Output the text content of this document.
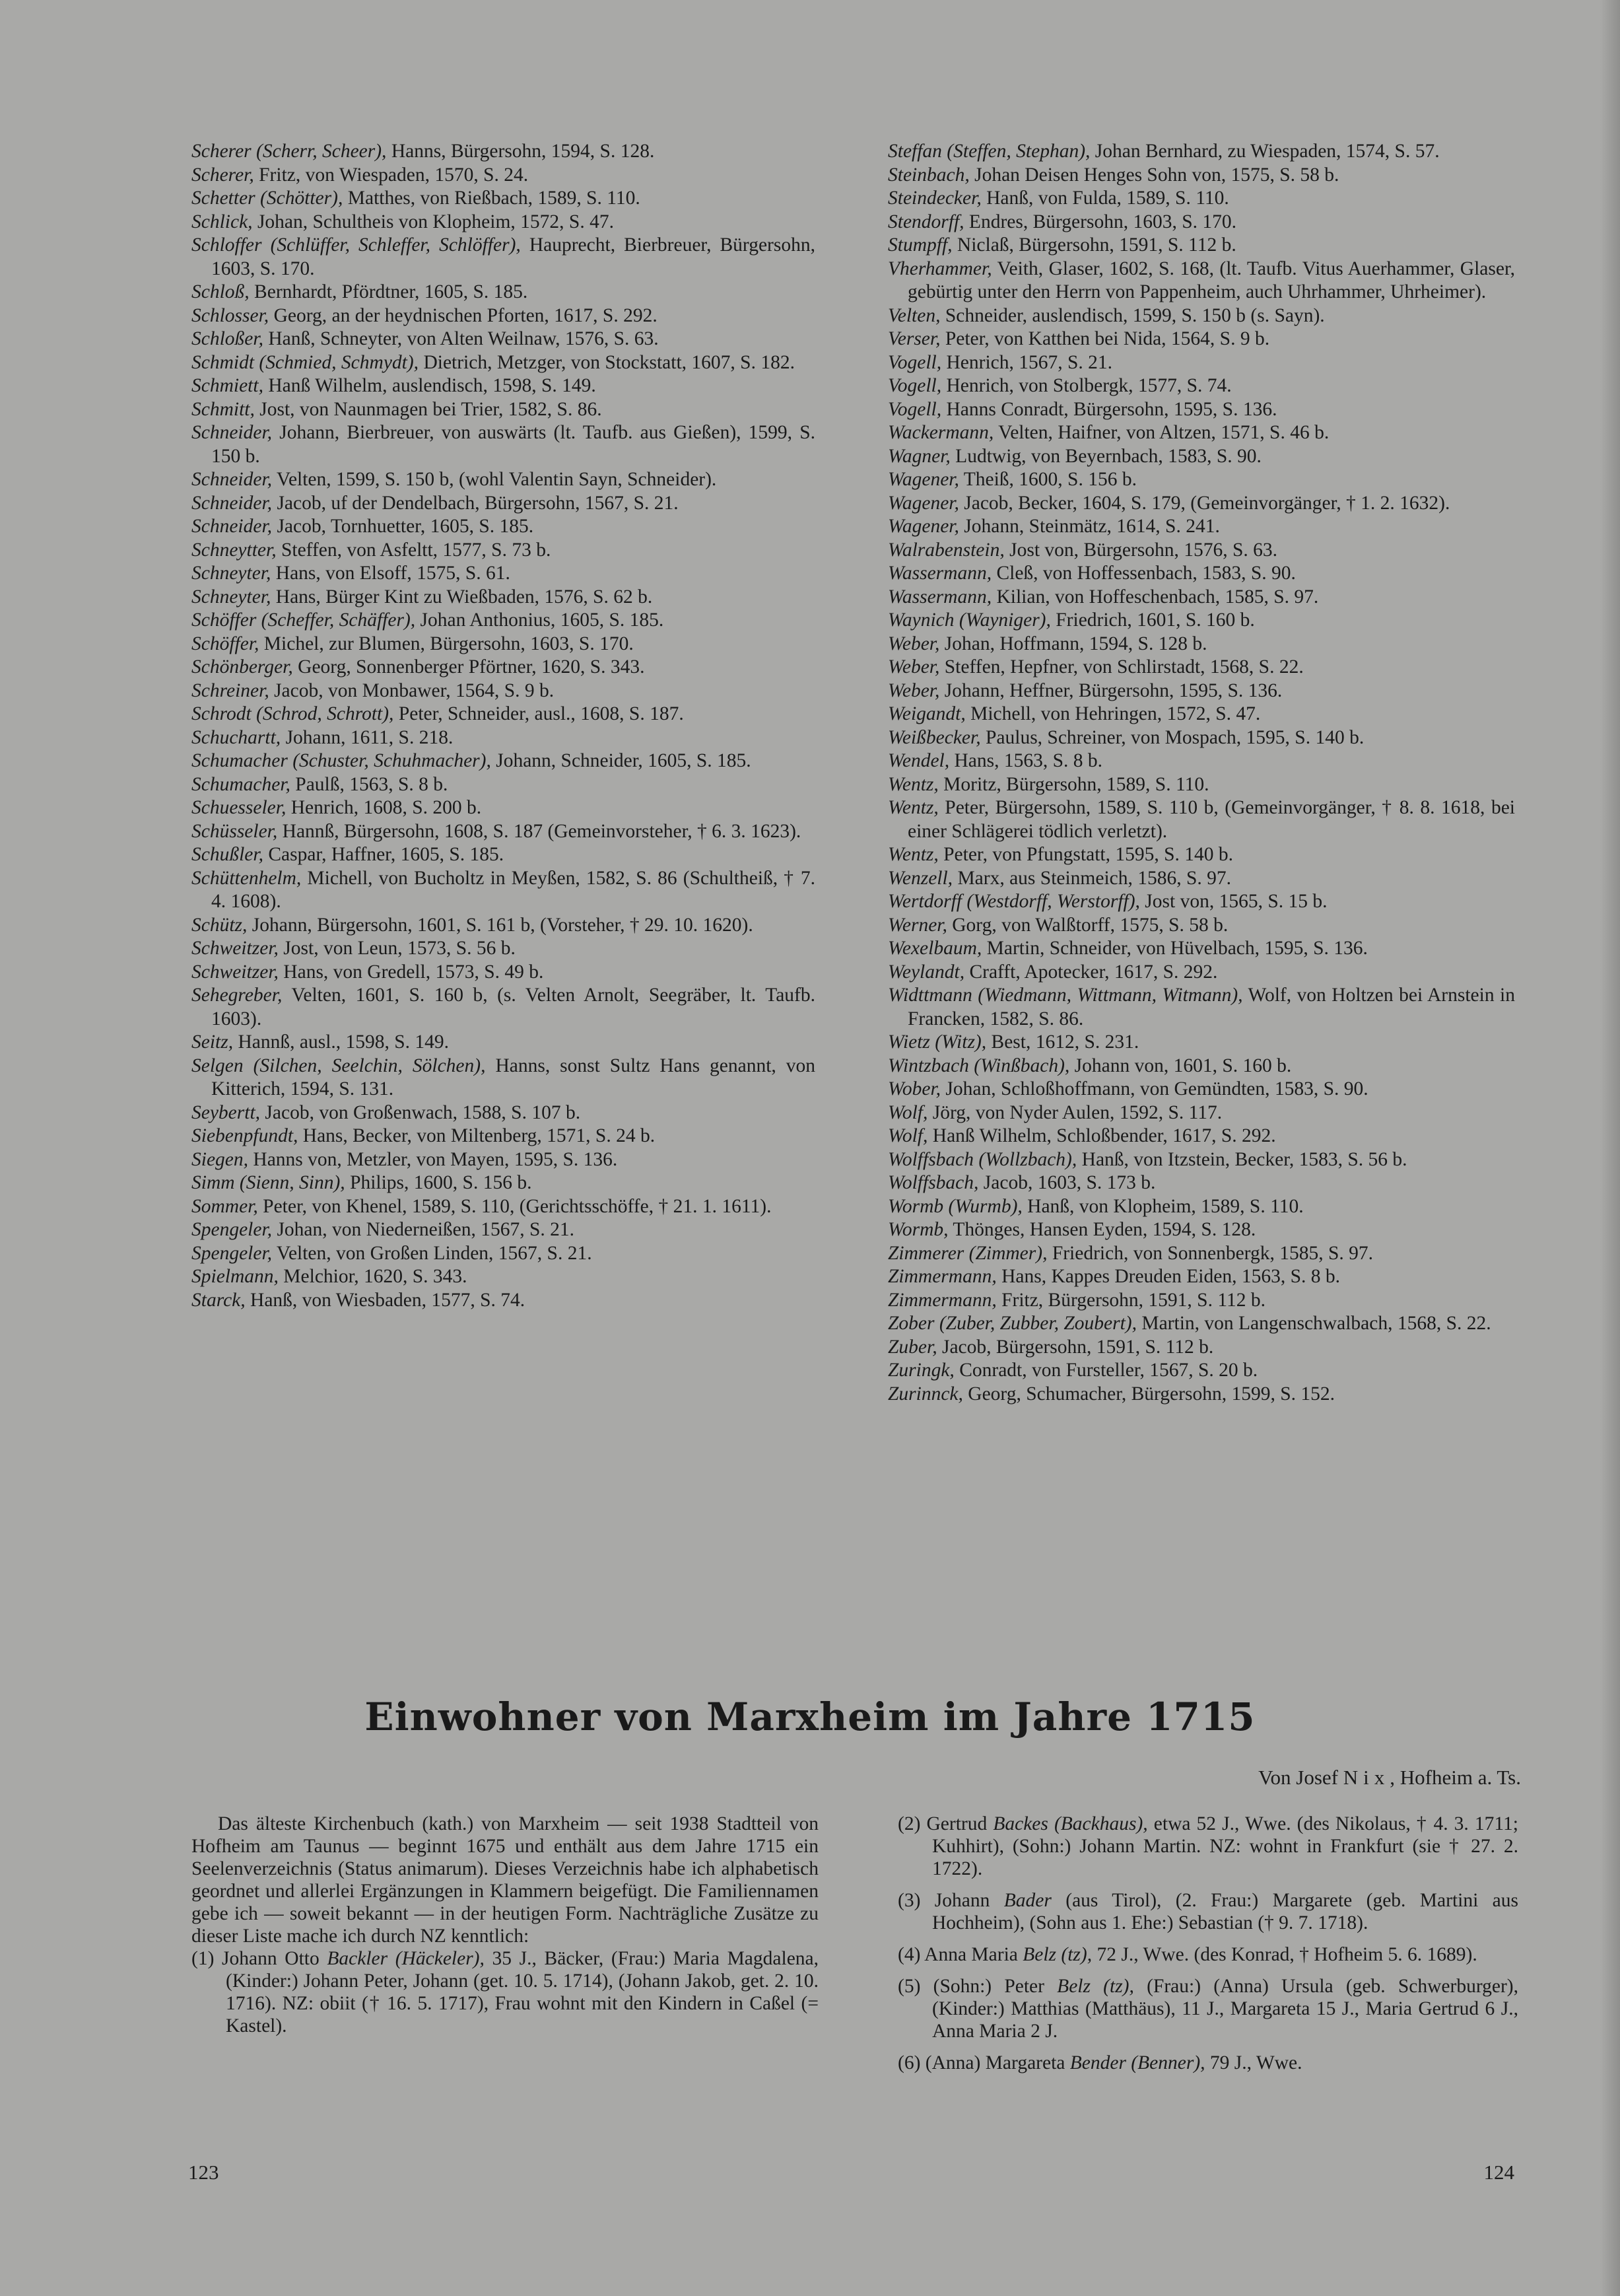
Scherer (Scherr, Scheer), Hanns, Bürgersohn, 1594, S. 128.

Scherer, Fritz, von Wiespaden, 1570, S. 24.

Schetter (Schötter), Matthes, von Rießbach, 1589, S. 110.

Schlick, Johan, Schultheis von Klopheim, 1572, S. 47.

Schloffer (Schlüffer, Schleffer, Schlöffer), Hauprecht, Bierbreuer, Bürgersohn, 1603, S. 170.

Schloß, Bernhardt, Pfördtner, 1605, S. 185.

Schlosser, Georg, an der heydnischen Pforten, 1617, S. 292.

Schloßer, Hanß, Schneyter, von Alten Weilnaw, 1576, S. 63.

Schmidt (Schmied, Schmydt), Dietrich, Metzger, von Stockstatt, 1607, S. 182.

Schmiett, Hanß Wilhelm, auslendisch, 1598, S. 149.

Schmitt, Jost, von Naunmagen bei Trier, 1582, S. 86.

Schneider, Johann, Bierbreuer, von auswärts (lt. Taufb. aus Gießen), 1599, S. 150 b.

Schneider, Velten, 1599, S. 150 b, (wohl Valentin Sayn, Schneider).

Schneider, Jacob, uf der Dendelbach, Bürgersohn, 1567, S. 21.

Schneider, Jacob, Tornhuetter, 1605, S. 185.

Schneytter, Steffen, von Asfeltt, 1577, S. 73 b.

Schneyter, Hans, von Elsoff, 1575, S. 61.

Schneyter, Hans, Bürger Kint zu Wießbaden, 1576, S. 62 b.

Schöffer (Scheffer, Schäffer), Johan Anthonius, 1605, S. 185.

Schöffer, Michel, zur Blumen, Bürgersohn, 1603, S. 170.

Schönberger, Georg, Sonnenberger Pförtner, 1620, S. 343.

Schreiner, Jacob, von Monbawer, 1564, S. 9 b.

Schrodt (Schrod, Schrott), Peter, Schneider, ausl., 1608, S. 187.

Schuchartt, Johann, 1611, S. 218.

Schumacher (Schuster, Schuhmacher), Johann, Schneider, 1605, S. 185.

Schumacher, Paulß, 1563, S. 8 b.

Schuesseler, Henrich, 1608, S. 200 b.

Schüsseler, Hannß, Bürgersohn, 1608, S. 187 (Gemeinvorsteher, † 6. 3. 1623).

Schußler, Caspar, Haffner, 1605, S. 185.

Schüttenhelm, Michell, von Bucholtz in Meyßen, 1582, S. 86 (Schultheiß, † 7. 4. 1608).

Schütz, Johann, Bürgersohn, 1601, S. 161 b, (Vorsteher, † 29. 10. 1620).

Schweitzer, Jost, von Leun, 1573, S. 56 b.

Schweitzer, Hans, von Gredell, 1573, S. 49 b.

Sehegreber, Velten, 1601, S. 160 b, (s. Velten Arnolt, Seegräber, lt. Taufb. 1603).

Seitz, Hannß, ausl., 1598, S. 149.

Selgen (Silchen, Seelchin, Sölchen), Hanns, sonst Sultz Hans genannt, von Kitterich, 1594, S. 131.

Seybertt, Jacob, von Großenwach, 1588, S. 107 b.

Siebenpfundt, Hans, Becker, von Miltenberg, 1571, S. 24 b.

Siegen, Hanns von, Metzler, von Mayen, 1595, S. 136.

Simm (Sienn, Sinn), Philips, 1600, S. 156 b.

Sommer, Peter, von Khenel, 1589, S. 110, (Gerichtsschöffe, † 21. 1. 1611).

Spengeler, Johan, von Niederneißen, 1567, S. 21.

Spengeler, Velten, von Großen Linden, 1567, S. 21.

Spielmann, Melchior, 1620, S. 343.

Starck, Hanß, von Wiesbaden, 1577, S. 74.

Steffan (Steffen, Stephan), Johan Bernhard, zu Wiespaden, 1574, S. 57.

Steinbach, Johan Deisen Henges Sohn von, 1575, S. 58 b.

Steindecker, Hanß, von Fulda, 1589, S. 110.

Stendorff, Endres, Bürgersohn, 1603, S. 170.

Stumpff, Niclaß, Bürgersohn, 1591, S. 112 b.

Vherhammer, Veith, Glaser, 1602, S. 168, (lt. Taufb. Vitus Auerhammer, Glaser, gebürtig unter den Herrn von Pappenheim, auch Uhrhammer, Uhrheimer).

Velten, Schneider, auslendisch, 1599, S. 150 b (s. Sayn).

Verser, Peter, von Katthen bei Nida, 1564, S. 9 b.

Vogell, Henrich, 1567, S. 21.

Vogell, Henrich, von Stolbergk, 1577, S. 74.

Vogell, Hanns Conradt, Bürgersohn, 1595, S. 136.

Wackermann, Velten, Haifner, von Altzen, 1571, S. 46 b.

Wagner, Ludtwig, von Beyernbach, 1583, S. 90.

Wagener, Theiß, 1600, S. 156 b.

Wagener, Jacob, Becker, 1604, S. 179, (Gemeinvorgänger, † 1. 2. 1632).

Wagener, Johann, Steinmätz, 1614, S. 241.

Walrabenstein, Jost von, Bürgersohn, 1576, S. 63.

Wassermann, Cleß, von Hoffessenbach, 1583, S. 90.

Wassermann, Kilian, von Hoffeschenbach, 1585, S. 97.

Waynich (Wayniger), Friedrich, 1601, S. 160 b.

Weber, Johan, Hoffmann, 1594, S. 128 b.

Weber, Steffen, Hepfner, von Schlirstadt, 1568, S. 22.

Weber, Johann, Heffner, Bürgersohn, 1595, S. 136.

Weigandt, Michell, von Hehringen, 1572, S. 47.

Weißbecker, Paulus, Schreiner, von Mospach, 1595, S. 140 b.

Wendel, Hans, 1563, S. 8 b.

Wentz, Moritz, Bürgersohn, 1589, S. 110.

Wentz, Peter, Bürgersohn, 1589, S. 110 b, (Gemeinvorgänger, † 8. 8. 1618, bei einer Schlägerei tödlich verletzt).

Wentz, Peter, von Pfungstatt, 1595, S. 140 b.

Wenzell, Marx, aus Steinmeich, 1586, S. 97.

Wertdorff (Westdorff, Werstorff), Jost von, 1565, S. 15 b.

Werner, Gorg, von Walßtorff, 1575, S. 58 b.

Wexelbaum, Martin, Schneider, von Hüvelbach, 1595, S. 136.

Weylandt, Crafft, Apotecker, 1617, S. 292.

Widttmann (Wiedmann, Wittmann, Witmann), Wolf, von Holtzen bei Arnstein in Francken, 1582, S. 86.

Wietz (Witz), Best, 1612, S. 231.

Wintzbach (Winßbach), Johann von, 1601, S. 160 b.

Wober, Johan, Schloßhoffmann, von Gemündten, 1583, S. 90.

Wolf, Jörg, von Nyder Aulen, 1592, S. 117.

Wolf, Hanß Wilhelm, Schloßbender, 1617, S. 292.

Wolffsbach (Wollzbach), Hanß, von Itzstein, Becker, 1583, S. 56 b.

Wolffsbach, Jacob, 1603, S. 173 b.

Wormb (Wurmb), Hanß, von Klopheim, 1589, S. 110.

Wormb, Thönges, Hansen Eyden, 1594, S. 128.

Zimmerer (Zimmer), Friedrich, von Sonnenbergk, 1585, S. 97.

Zimmermann, Hans, Kappes Dreuden Eiden, 1563, S. 8 b.

Zimmermann, Fritz, Bürgersohn, 1591, S. 112 b.

Zober (Zuber, Zubber, Zoubert), Martin, von Langenschwalbach, 1568, S. 22.

Zuber, Jacob, Bürgersohn, 1591, S. 112 b.

Zuringk, Conradt, von Fursteller, 1567, S. 20 b.

Zurinnck, Georg, Schumacher, Bürgersohn, 1599, S. 152.

Einwohner von Marxheim im Jahre 1715
Von Josef Nix, Hofheim a. Ts.

Das älteste Kirchenbuch (kath.) von Marxheim — seit 1938 Stadtteil von Hofheim am Taunus — beginnt 1675 und enthält aus dem Jahre 1715 ein Seelenverzeichnis (Status animarum). Dieses Verzeichnis habe ich alphabetisch geordnet und allerlei Ergänzungen in Klammern beigefügt. Die Familiennamen gebe ich — soweit bekannt — in der heutigen Form. Nachträgliche Zusätze zu dieser Liste mache ich durch NZ kenntlich:

(1) Johann Otto Backler (Häckeler), 35 J., Bäcker, (Frau:) Maria Magdalena, (Kinder:) Johann Peter, Johann (get. 10. 5. 1714), (Johann Jakob, get. 2. 10. 1716). NZ: obiit († 16. 5. 1717), Frau wohnt mit den Kindern in Caßel (= Kastel).

(2) Gertrud Backes (Backhaus), etwa 52 J., Wwe. (des Nikolaus, † 4. 3. 1711; Kuhhirt), (Sohn:) Johann Martin. NZ: wohnt in Frankfurt (sie † 27. 2. 1722).

(3) Johann Bader (aus Tirol), (2. Frau:) Margarete (geb. Martini aus Hochheim), (Sohn aus 1. Ehe:) Sebastian († 9. 7. 1718).

(4) Anna Maria Belz (tz), 72 J., Wwe. (des Konrad, † Hofheim 5. 6. 1689).

(5) (Sohn:) Peter Belz (tz), (Frau:) (Anna) Ursula (geb. Schwerburger), (Kinder:) Matthias (Matthäus), 11 J., Margareta 15 J., Maria Gertrud 6 J., Anna Maria 2 J.

(6) (Anna) Margareta Bender (Benner), 79 J., Wwe.

123	124
